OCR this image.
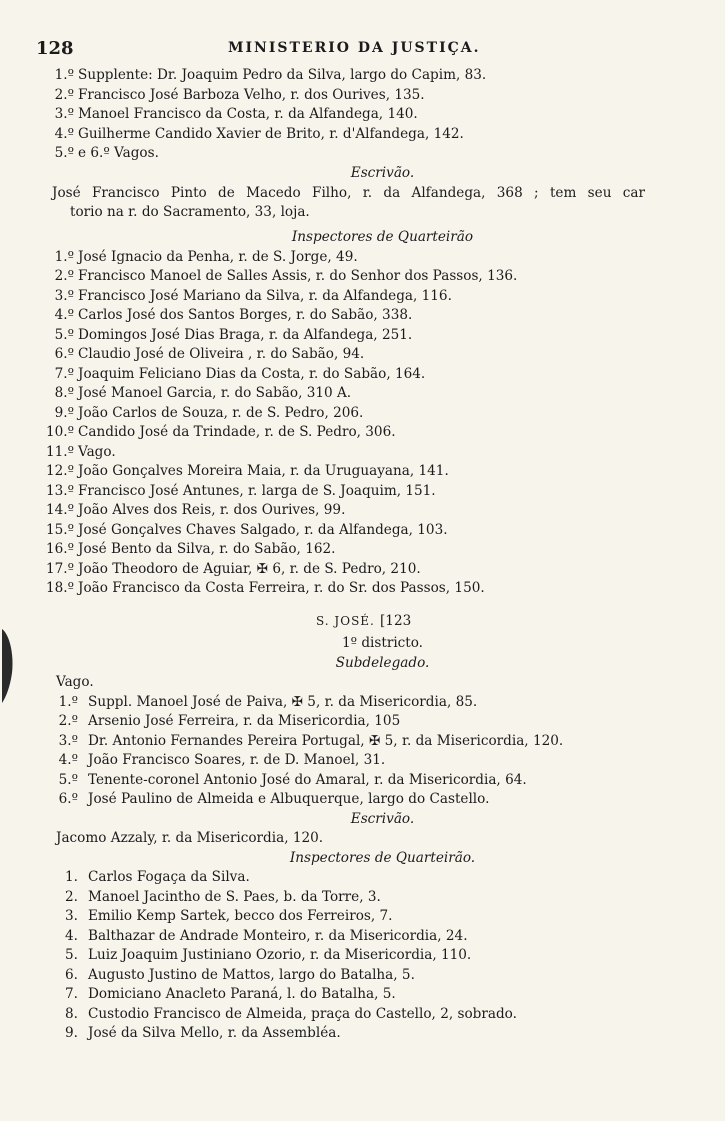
128	MINISTERIO DA JUSTIÇA.
1.º Supplente: Dr. Joaquim Pedro da Silva, largo do Capim, 83.
2.º Francisco José Barboza Velho, r. dos Ourives, 135.
3.º Manoel Francisco da Costa, r. da Alfandega, 140.
4.º Guilherme Candido Xavier de Brito, r. d'Alfandega, 142.
5.º e 6.º Vagos.
Escrivão.
José Francisco Pinto de Macedo Filho, r. da Alfandega, 368 ; tem seu car
torio na r. do Sacramento, 33, loja.
Inspectores de Quarteirão
1.º José Ignacio da Penha, r. de S. Jorge, 49.
2.º Francisco Manoel de Salles Assis, r. do Senhor dos Passos, 136.
3.º Francisco José Mariano da Silva, r. da Alfandega, 116.
4.º Carlos José dos Santos Borges, r. do Sabão, 338.
5.º Domingos José Dias Braga, r. da Alfandega, 251.
6.º Claudio José de Oliveira , r. do Sabão, 94.
7.º Joaquim Feliciano Dias da Costa, r. do Sabão, 164.
8.º José Manoel Garcia, r. do Sabão, 310 A.
9.º João Carlos de Souza, r. de S. Pedro, 206.
10.º Candido José da Trindade, r. de S. Pedro, 306.
11.º Vago.
12.º João Gonçalves Moreira Maia, r. da Uruguayana, 141.
13.º Francisco José Antunes, r. larga de S. Joaquim, 151.
14.º João Alves dos Reis, r. dos Ourives, 99.
15.º José Gonçalves Chaves Salgado, r. da Alfandega, 103.
16.º José Bento da Silva, r. do Sabão, 162.
17.º João Theodoro de Aguiar, ✠ 6, r. de S. Pedro, 210.
18.º João Francisco da Costa Ferreira, r. do Sr. dos Passos, 150.
S. JOSÉ. [123
1º districto.
Subdelegado.
Vago.
1.º Suppl. Manoel José de Paiva, ✠ 5, r. da Misericordia, 85.
2.º Arsenio José Ferreira, r. da Misericordia, 105
3.º Dr. Antonio Fernandes Pereira Portugal, ✠ 5, r. da Misericordia, 120.
4.º João Francisco Soares, r. de D. Manoel, 31.
5.º Tenente-coronel Antonio José do Amaral, r. da Misericordia, 64.
6.º José Paulino de Almeida e Albuquerque, largo do Castello.
Escrivão.
Jacomo Azzaly, r. da Misericordia, 120.
Inspectores de Quarteirão.
1. Carlos Fogaça da Silva.
2. Manoel Jacintho de S. Paes, b. da Torre, 3.
3. Emilio Kemp Sartek, becco dos Ferreiros, 7.
4. Balthazar de Andrade Monteiro, r. da Misericordia, 24.
5. Luiz Joaquim Justiniano Ozorio, r. da Misericordia, 110.
6. Augusto Justino de Mattos, largo do Batalha, 5.
7. Domiciano Anacleto Paraná, l. do Batalha, 5.
8. Custodio Francisco de Almeida, praça do Castello, 2, sobrado.
9. José da Silva Mello, r. da Assembléa.
